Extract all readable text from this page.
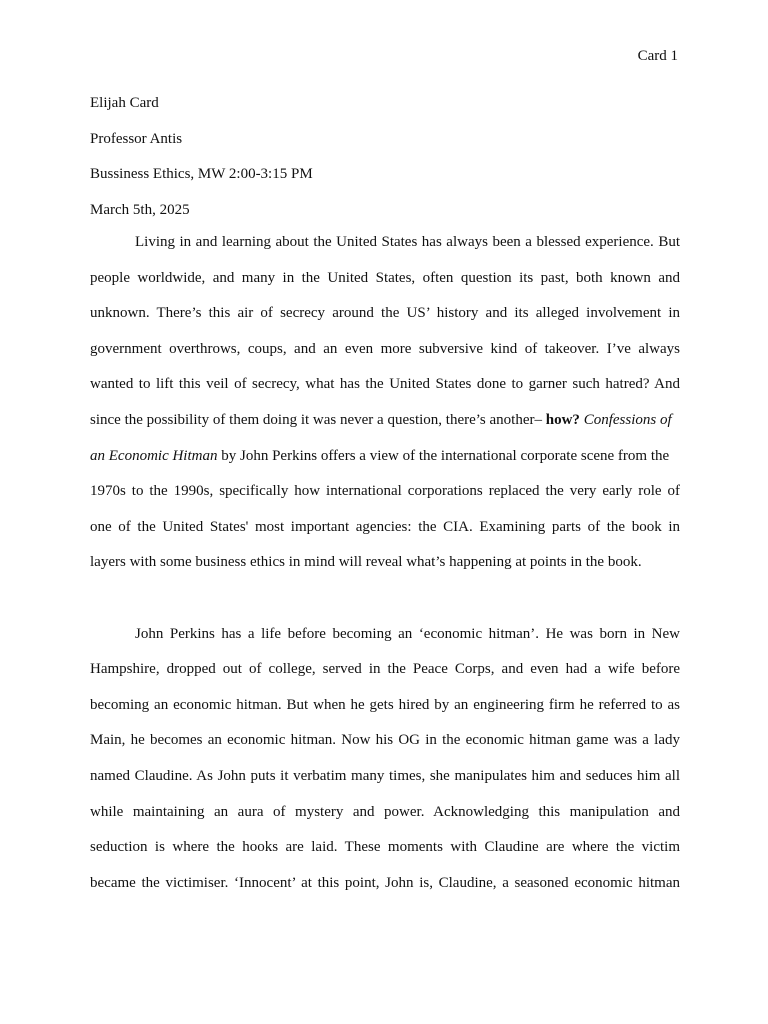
Card 1
Elijah Card
Professor Antis
Bussiness Ethics, MW 2:00-3:15 PM
March 5th, 2025
Living in and learning about the United States has always been a blessed experience. But
people worldwide, and many in the United States, often question its past, both known and
unknown. There’s this air of secrecy around the US’ history and its alleged involvement in
government overthrows, coups, and an even more subversive kind of takeover. I’ve always
wanted to lift this veil of secrecy, what has the United States done to garner such hatred? And
since the possibility of them doing it was never a question, there’s another– how? Confessions of
an Economic Hitman by John Perkins offers a view of the international corporate scene from the
1970s to the 1990s, specifically how international corporations replaced the very early role of
one of the United States' most important agencies: the CIA. Examining parts of the book in
layers with some business ethics in mind will reveal what’s happening at points in the book.
John Perkins has a life before becoming an ‘economic hitman’. He was born in New
Hampshire, dropped out of college, served in the Peace Corps, and even had a wife before
becoming an economic hitman. But when he gets hired by an engineering firm he referred to as
Main, he becomes an economic hitman. Now his OG in the economic hitman game was a lady
named Claudine. As John puts it verbatim many times, she manipulates him and seduces him all
while maintaining an aura of mystery and power. Acknowledging this manipulation and
seduction is where the hooks are laid. These moments with Claudine are where the victim
became the victimiser. ‘Innocent’ at this point, John is, Claudine, a seasoned economic hitman
